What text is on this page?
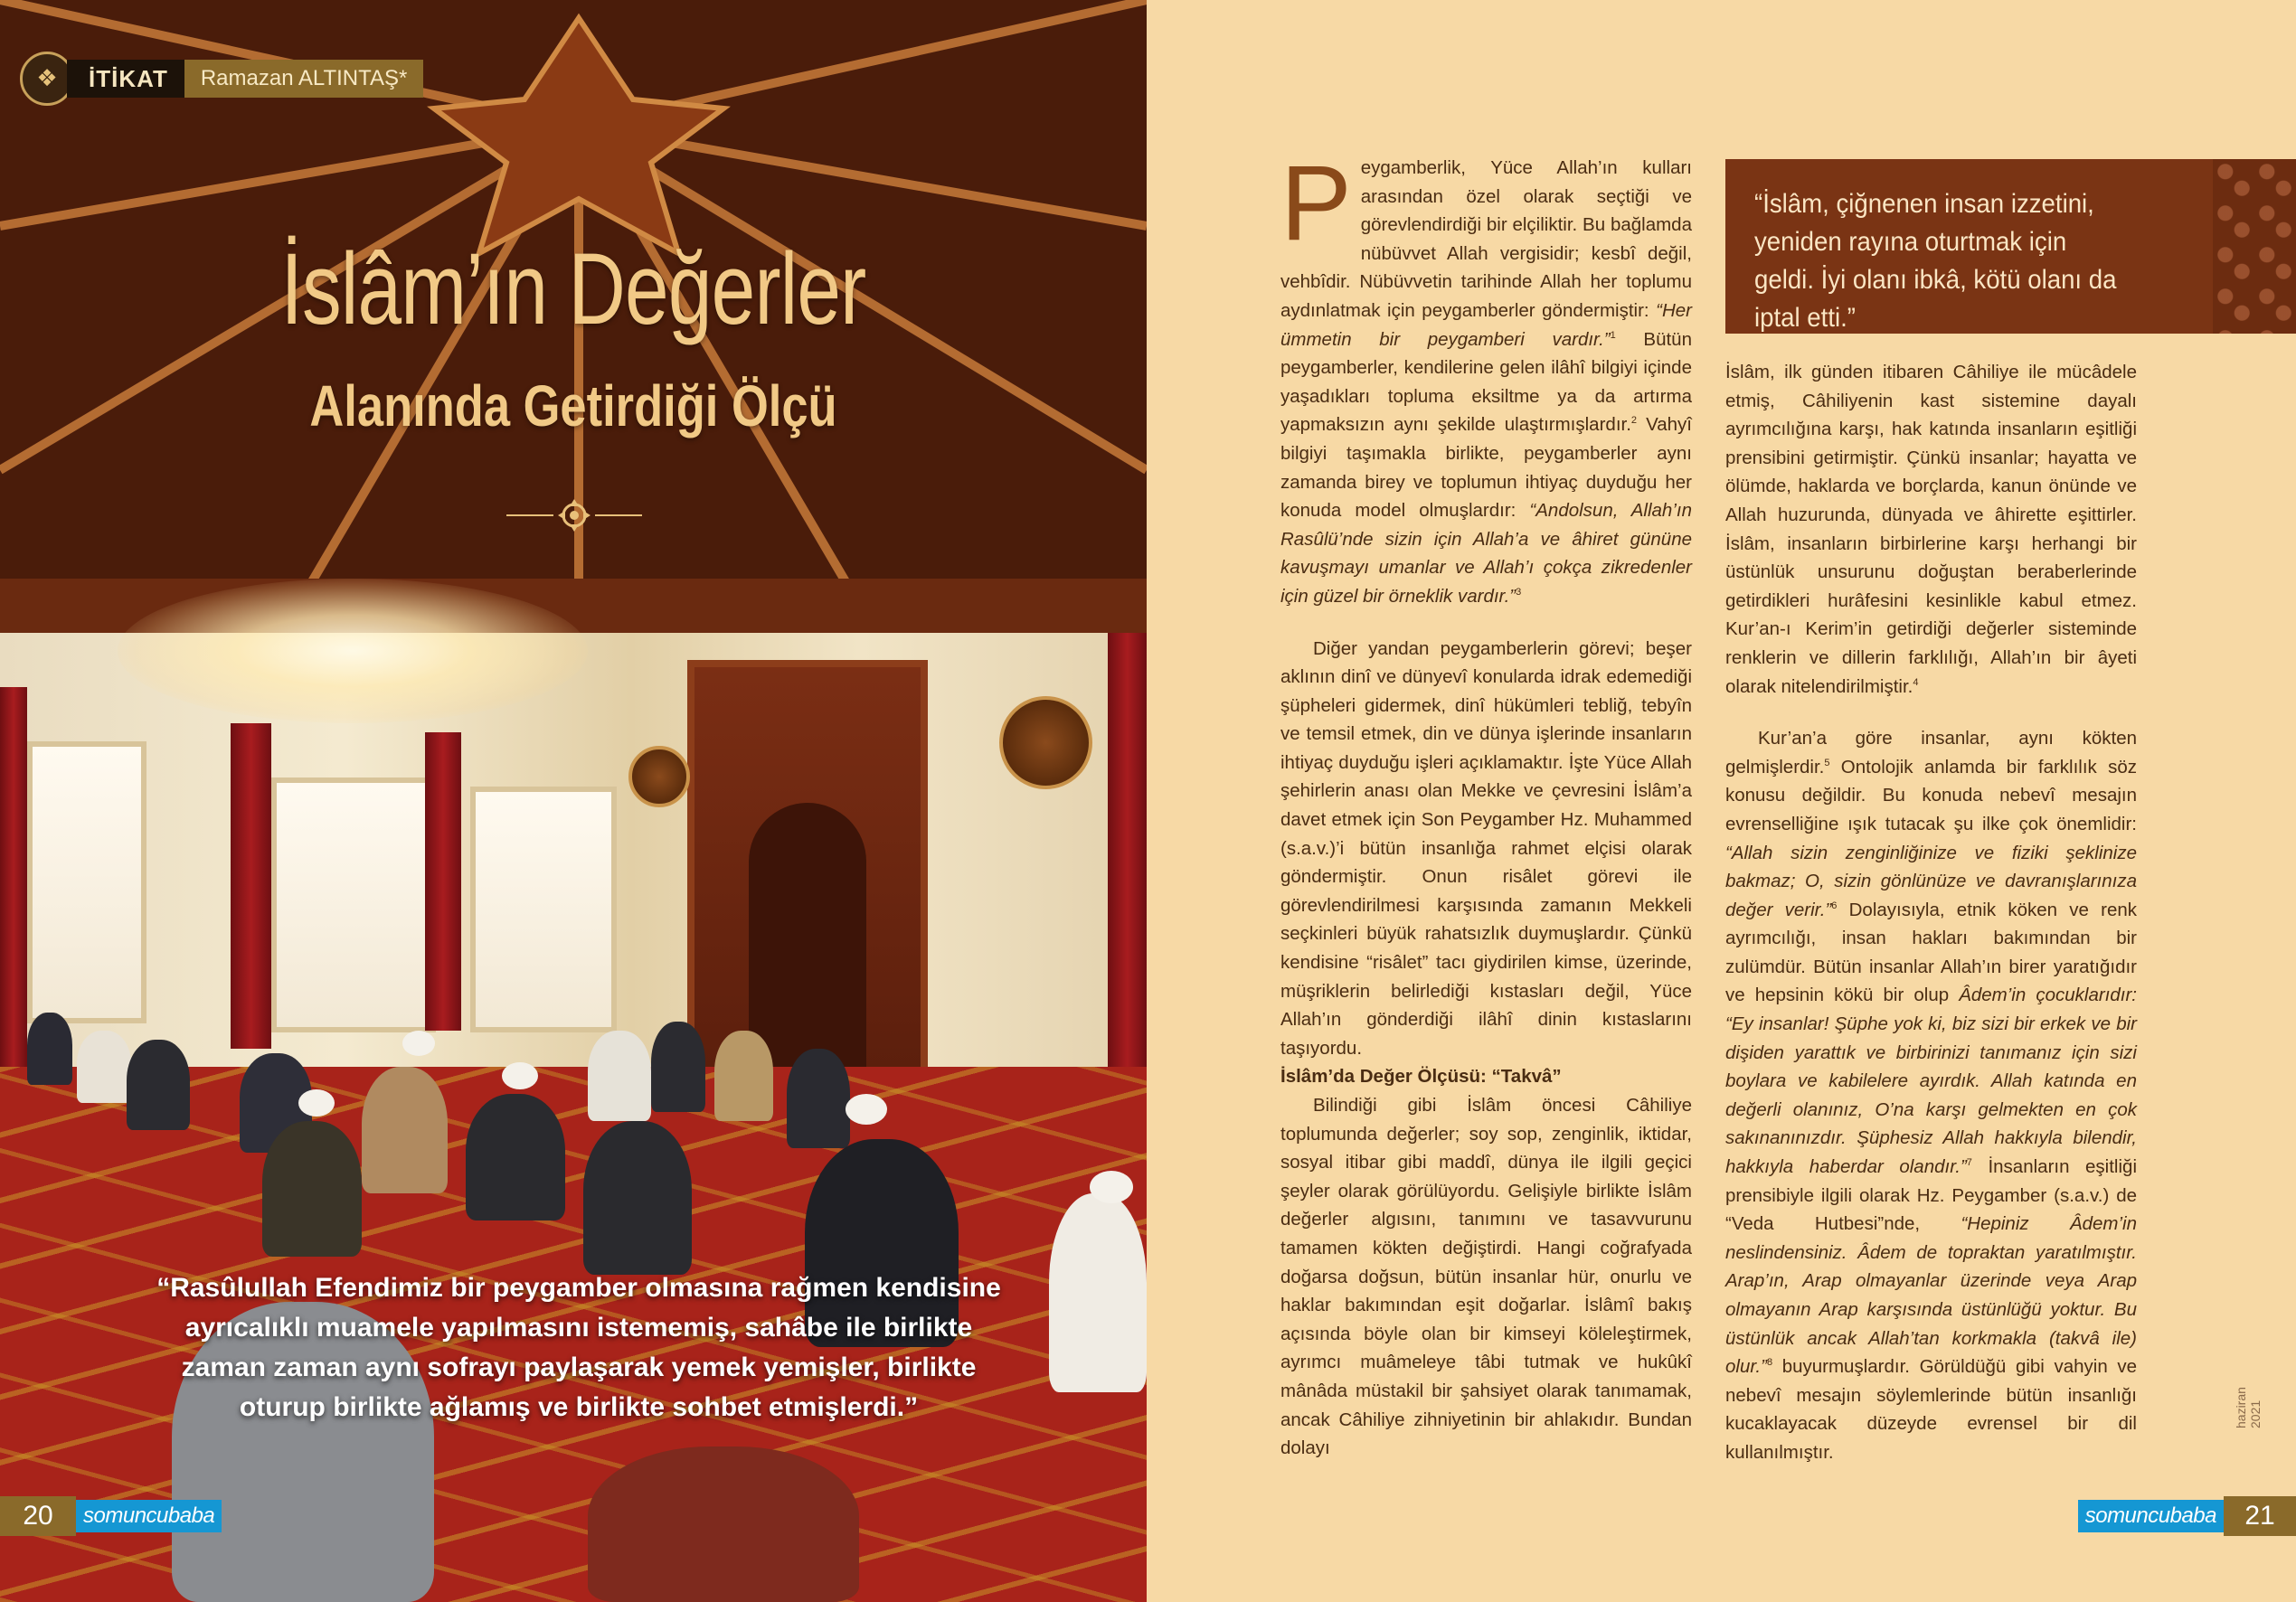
❖	İTİKAT	Ramazan ALTINTAŞ*
İslâm’ın Değerler
Alanında Getirdiği Ölçü
“Rasûlullah Efendimiz bir peygamber olmasına rağmen kendisine ayrıcalıklı muamele yapılmasını istememiş, sahâbe ile birlikte zaman zaman aynı sofrayı paylaşarak yemek yemişler, birlikte oturup birlikte ağlamış ve birlikte sohbet etmişlerdi.”
20	somuncubaba

Peygamberlik, Yüce Allah’ın kulları arasından özel olarak seçtiği ve görevlendirdiği bir elçiliktir. Bu bağlamda nübüvvet Allah vergisidir; kesbî değil, vehbîdir. Nübüvvetin tarihinde Allah her toplumu aydınlatmak için peygamberler göndermiştir: “Her ümmetin bir peygamberi vardır.”$^1$ Bütün peygamberler, kendilerine gelen ilâhî bilgiyi içinde yaşadıkları topluma eksiltme ya da artırma yapmaksızın aynı şekilde ulaştırmışlardır.$^2$ Vahyî bilgiyi taşımakla birlikte, peygamberler aynı zamanda birey ve toplumun ihtiyaç duyduğu her konuda model olmuşlardır: “Andolsun, Allah’ın Rasûlü’nde sizin için Allah’a ve âhiret gününe kavuşmayı umanlar ve Allah’ı çokça zikredenler için güzel bir örneklik vardır.”$^3$

Diğer yandan peygamberlerin görevi; beşer aklının dinî ve dünyevî konularda idrak edemediği şüpheleri gidermek, dinî hükümleri tebliğ, tebyîn ve temsil etmek, din ve dünya işlerinde insanların ihtiyaç duyduğu işleri açıklamaktır. İşte Yüce Allah şehirlerin anası olan Mekke ve çevresini İslâm’a davet etmek için Son Peygamber Hz. Muhammed (s.a.v.)’i bütün insanlığa rahmet elçisi olarak göndermiştir. Onun risâlet görevi ile görevlendirilmesi karşısında zamanın Mekkeli seçkinleri büyük rahatsızlık duymuşlardır. Çünkü kendisine “risâlet” tacı giydirilen kimse, üzerinde, müşriklerin belirlediği kıstasları değil, Yüce Allah’ın gönderdiği ilâhî dinin kıstaslarını taşıyordu.

İslâm’da Değer Ölçüsü: “Takvâ”

Bilindiği gibi İslâm öncesi Câhiliye toplumunda değerler; soy sop, zenginlik, iktidar, sosyal itibar gibi maddî, dünya ile ilgili geçici şeyler olarak görülüyordu. Gelişiyle birlikte İslâm değerler algısını, tanımını ve tasavvurunu tamamen kökten değiştirdi. Hangi coğrafyada doğarsa doğsun, bütün insanlar hür, onurlu ve haklar bakımından eşit doğarlar. İslâmî bakış açısında böyle olan bir kimseyi köleleştirmek, ayrımcı muâmeleye tâbi tutmak ve hukûkî mânâda müstakil bir şahsiyet olarak tanımamak, ancak Câhiliye zihniyetinin bir ahlakıdır. Bundan dolayı

“İslâm, çiğnenen insan izzetini, yeniden rayına oturtmak için geldi. İyi olanı ibkâ, kötü olanı da iptal etti.”

İslâm, ilk günden itibaren Câhiliye ile mücâdele etmiş, Câhiliyenin kast sistemine dayalı ayrımcılığına karşı, hak katında insanların eşitliği prensibini getirmiştir. Çünkü insanlar; hayatta ve ölümde, haklarda ve borçlarda, kanun önünde ve Allah huzurunda, dünyada ve âhirette eşittirler. İslâm, insanların birbirlerine karşı herhangi bir üstünlük unsurunu doğuştan beraberlerinde getirdikleri hurâfesini kesinlikle kabul etmez. Kur’an-ı Kerim’in getirdiği değerler sisteminde renklerin ve dillerin farklılığı, Allah’ın bir âyeti olarak nitelendirilmiştir.$^4$

Kur’an’a göre insanlar, aynı kökten gelmişlerdir.$^5$ Ontolojik anlamda bir farklılık söz konusu değildir. Bu konuda nebevî mesajın evrenselliğine ışık tutacak şu ilke çok önemlidir: “Allah sizin zenginliğinize ve fiziki şeklinize bakmaz; O, sizin gönlünüze ve davranışlarınıza değer verir.”$^6$ Dolayısıyla, etnik köken ve renk ayrımcılığı, insan hakları bakımından bir zulümdür. Bütün insanlar Allah’ın birer yaratığıdır ve hepsinin kökü bir olup Âdem’in çocuklarıdır: “Ey insanlar! Şüphe yok ki, biz sizi bir erkek ve bir dişiden yarattık ve birbirinizi tanımanız için sizi boylara ve kabilelere ayırdık. Allah katında en değerli olanınız, O’na karşı gelmekten en çok sakınanınızdır. Şüphesiz Allah hakkıyla bilendir, hakkıyla haberdar olandır.”$^7$ İnsanların eşitliği prensibiyle ilgili olarak Hz. Peygamber (s.a.v.) de “Veda Hutbesi”nde, “Hepiniz Âdem’in neslindensiniz. Âdem de topraktan yaratılmıştır. Arap’ın, Arap olmayanlar üzerinde veya Arap olmayanın Arap karşısında üstünlüğü yoktur. Bu üstünlük ancak Allah’tan korkmakla (takvâ ile) olur.”$^8$ buyurmuşlardır. Görüldüğü gibi vahyin ve nebevî mesajın söylemlerinde bütün insanlığı kucaklayacak düzeyde evrensel bir dil kullanılmıştır.

haziran 2021
somuncubaba	21
